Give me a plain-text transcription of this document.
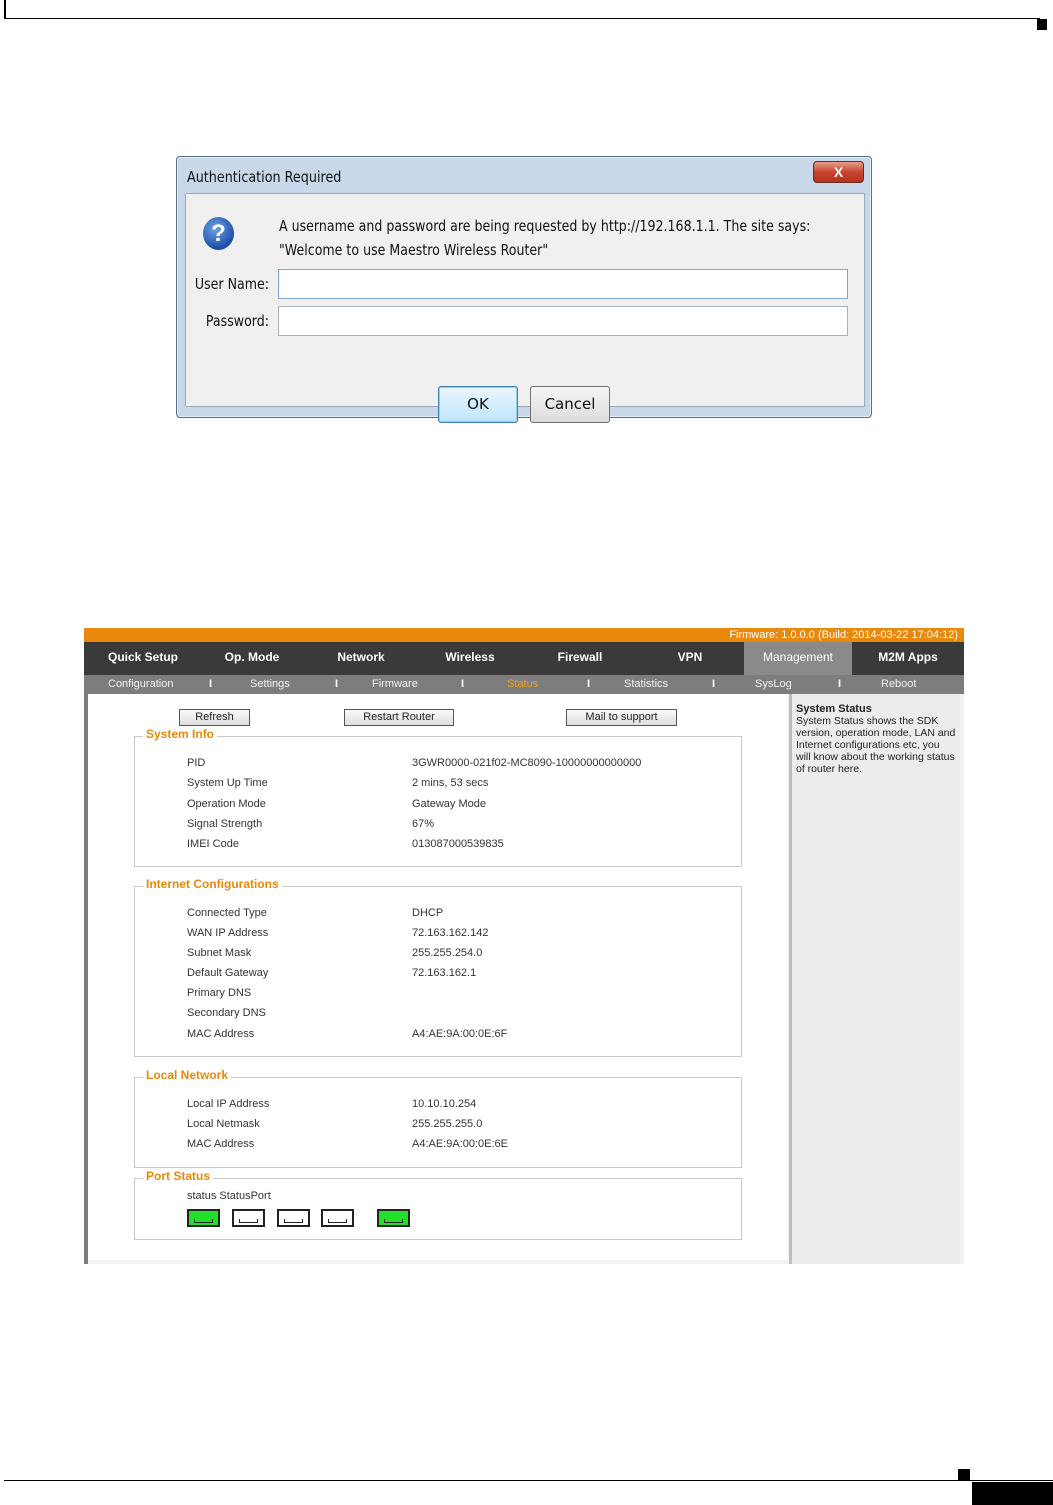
Authentication Required	X
?	A username and password are being requested by http://192.168.1.1. The site says: "Welcome to use Maestro Wireless Router"
User Name:
Password:
OK	Cancel
Firmware: 1.0.0.0 (Build: 2014-03-22 17:04:12)
Quick Setup	Op. Mode	Network	Wireless	Firewall	VPN	Management	M2M Apps
Configuration	I	Settings	I	Firmware	I	Status	I	Statistics	I	SysLog	I	Reboot
Refresh	Restart Router	Mail to support
System Info
PID	3GWR0000-021f02-MC8090-10000000000000
System Up Time	2 mins, 53 secs
Operation Mode	Gateway Mode
Signal Strength	67%
IMEI Code	013087000539835
Internet Configurations
Connected Type	DHCP
WAN IP Address	72.163.162.142
Subnet Mask	255.255.254.0
Default Gateway	72.163.162.1
Primary DNS
Secondary DNS
MAC Address	A4:AE:9A:00:0E:6F
Local Network
Local IP Address	10.10.10.254
Local Netmask	255.255.255.0
MAC Address	A4:AE:9A:00:0E:6E
Port Status
status StatusPort
System Status
System Status shows the SDK version, operation mode, LAN and Internet configurations etc, you will know about the working status of router here.
